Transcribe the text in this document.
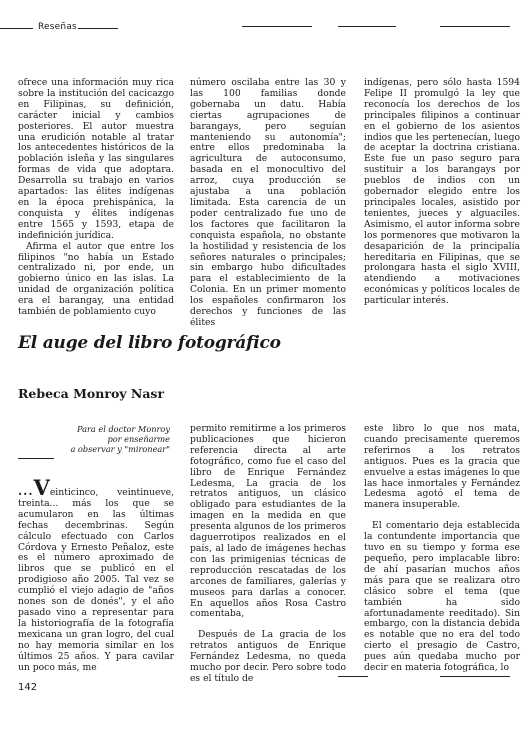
Reseñas

ofrece una información muy rica sobre la institución del cacicazgo en Filipinas, su definición, carácter inicial y cambios posteriores. El autor muestra una erudición notable al tratar los antecedentes históricos de la población isleña y las singulares formas de vida que adoptara. Desarrolla su trabajo en varios apartados: las élites indígenas en la época prehispánica, la conquista y élites indígenas entre 1565 y 1593, etapa de indefinición jurídica.

Afirma el autor que entre los filipinos "no había un Estado centralizado ni, por ende, un gobierno único en las islas. La unidad de organización política era el barangay, una entidad también de poblamiento cuyo

número oscilaba entre las 30 y las 100 familias donde gobernaba un datu. Había ciertas agrupaciones de barangays, pero seguían manteniendo su autonomía"; entre ellos predominaba la agricultura de autoconsumo, basada en el monocultivo del arroz, cuya producción se ajustaba a una población limitada. Esta carencia de un poder centralizado fue uno de los factores que facilitaron la conquista española, no obstante la hostilidad y resistencia de los señores naturales o principales; sin embargo hubo dificultades para el establecimiento de la Colonia. En un primer momento los españoles confirmaron los derechos y funciones de las élites

indígenas, pero sólo hasta 1594 Felipe II promulgó la ley que reconocía los derechos de los principales filipinos a continuar en el gobierno de los asientos indios que les pertenecían, luego de aceptar la doctrina cristiana. Este fue un paso seguro para sustituir a los barangays por pueblos de indios con un gobernador elegido entre los principales locales, asistido por tenientes, jueces y alguaciles. Asimismo, el autor informa sobre los pormenores que motivaron la desaparición de la principalía hereditaria en Filipinas, que se prolongara hasta el siglo XVIII, atendiendo a motivaciones económicas y políticos locales de particular interés.

El auge del libro fotográfico
Rebeca Monroy Nasr
Para el doctor Monroy
por enseñarme
a observar y "mironear"

...Veinticinco, veintinueve, treinta... más los que se acumularon en las últimas fechas decembrinas. Según cálculo efectuado con Carlos Córdova y Ernesto Peñaloz, este es el número aproximado de libros que se publicó en el prodigioso año 2005. Tal vez se cumplió el viejo adagio de "años nones son de donés", y el año pasado vino a representar para la historiografía de la fotografía mexicana un gran logro, del cual no hay memoria similar en los últimos 25 años. Y para cavilar un poco más, me

permito remitirme a los primeros publicaciones que hicieron referencia directa al arte fotográfico, como fue el caso del libro de Enrique Fernández Ledesma, La gracia de los retratos antiguos, un clásico obligado para estudiantes de la imagen en la medida en que presenta algunos de los primeros daguerrotipos realizados en el país, al lado de imágenes hechas con las primigenias técnicas de reproducción rescatadas de los arcones de familiares, galerías y museos para darlas a conocer. En aquellos años Rosa Castro comentaba,

Después de La gracia de los retratos antiguos de Enrique Fernández Ledesma, no queda mucho por decir. Pero sobre todo es el título de

este libro lo que nos mata, cuando precisamente queremos referirnos a los retratos antiguos. Pues es la gracia que envuelve a estas imágenes lo que las hace inmortales y Fernández Ledesma agotó el tema de manera insuperable.

El comentario deja establecida la contundente importancia que tuvo en su tiempo y forma ese pequeño, pero implacable libro: de ahí pasarían muchos años más para que se realizara otro clásico sobre el tema (que también ha sido afortunadamente reeditado). Sin embargo, con la distancia debida es notable que no era del todo cierto el presagio de Castro, pues aún quedaba mucho por decir en materia fotográfica, lo

142
